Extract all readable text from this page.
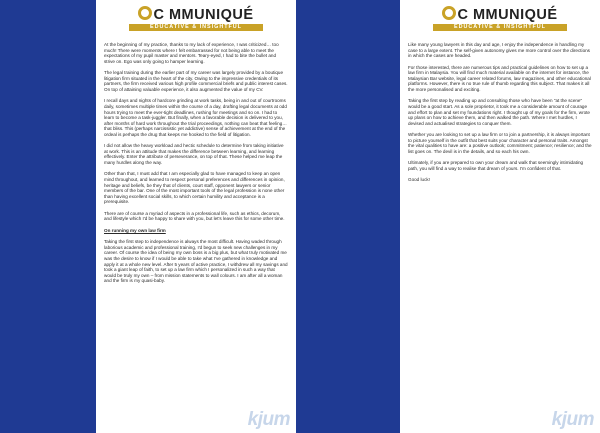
C MMUNIQUÉ
EDUCATIVE & INSIGHTFUL

At the beginning of my practice, thanks to my lack of experience, I was criticized… too much! There were moments where I felt embarrassed for not being able to meet the expectations of my pupil master and mentors. Teary-eyed, I had to bite the bullet and strive on. Ego was only going to hamper learning.

The legal training during the earlier part of my career was largely provided by a boutique litigation firm situated in the heart of the city. Owing to the impressive credentials of its partners, the firm received various high profile commercial briefs and public interest cases. On top of attaining valuable experience, it also augmented the value of my CV.

I recall days and nights of hardcore grinding at work tasks, being in and out of courtrooms daily, sometimes multiple times within the course of a day, drafting legal documents at odd hours trying to meet the ever-tight deadlines, rushing for meetings and so on. I had to learn to become a task-juggler. But finally, when a favorable decision is delivered to you, after months of hard work throughout the trial proceedings, nothing can beat that feeling… that bliss. This (perhaps narcissistic yet addictive) sense of achievement at the end of the ordeal is perhaps the drug that keeps me hooked to the field of litigation.

I did not allow the heavy workload and hectic schedule to determine from taking initiative at work. This is an attitude that makes the difference between learning, and learning effectively. Enter the attribute of perseverance, on top of that. These helped me leap the many hurdles along the way.

Other than that, I must add that I am especially glad to have managed to keep an open mind throughout, and learned to respect personal preferences and differences in opinion, heritage and beliefs, be they that of clients, court staff, opponent lawyers or senior members of the bar. One of the most important tools of the legal profession is none other than having excellent social skills, to which certain humility and acceptance is a prerequisite.

There are of course a myriad of aspects in a professional life, such as ethics, decorum, and lifestyle which I'd be happy to share with you, but let's leave this for some other time.

On running my own law firm

Taking the first step to independence is always the most difficult. Having waded through laborious academic and professional training, I'd begun to seek new challenges in my career. Of course the idea of being my own boss is a big plus, but what truly motivated me was the desire to know if I would be able to take what I've gathered in knowledge and apply it at a whole new level. After 5 years of active practice, I withdrew all my savings and took a giant leap of faith, to set up a law firm which I personalized in such a way that would be truly my own – from mission statements to wall colours. I am after all a woman and the firm is my quasi-baby.

kjum
C MMUNIQUÉ
EDUCATIVE & INSIGHTFUL

Like many young lawyers in this day and age, I enjoy the independence in handling my case to a large extent. The self-given autonomy gives me more control over the directions in which the cases are headed.

For those interested, there are numerous tips and practical guidelines on how to set up a law firm in Malaysia. You will find much material available on the internet for instance, the Malaysian Bar website, legal career related forums, law magazines, and other educational platforms. However, there is no true rule of thumb regarding this subject. That makes it all the more personalised and exciting.

Taking the first step by reading up and consulting those who have been "at the scene" would be a good start. As a sole proprietor, it took me a considerable amount of courage and effort to plan and set my foundations right. I thought up of my goals for the firm, wrote up plans on how to achieve them, and then walked the path. Where I met hurdles, I devised and actualised strategies to conquer them.

Whether you are looking to set up a law firm or to join a partnership, it is always important to picture yourself in the outfit that best suits your character and personal traits. Amongst the vital qualities to have are: a positive outlook; commitment; patience; resilience; and the list goes on. The devil is in the details, and so each his own.

Ultimately, if you are prepared to own your dream and walk that seemingly intimidating path, you will find a way to realise that dream of yours. I'm confident of that.

Good luck!

kjum
